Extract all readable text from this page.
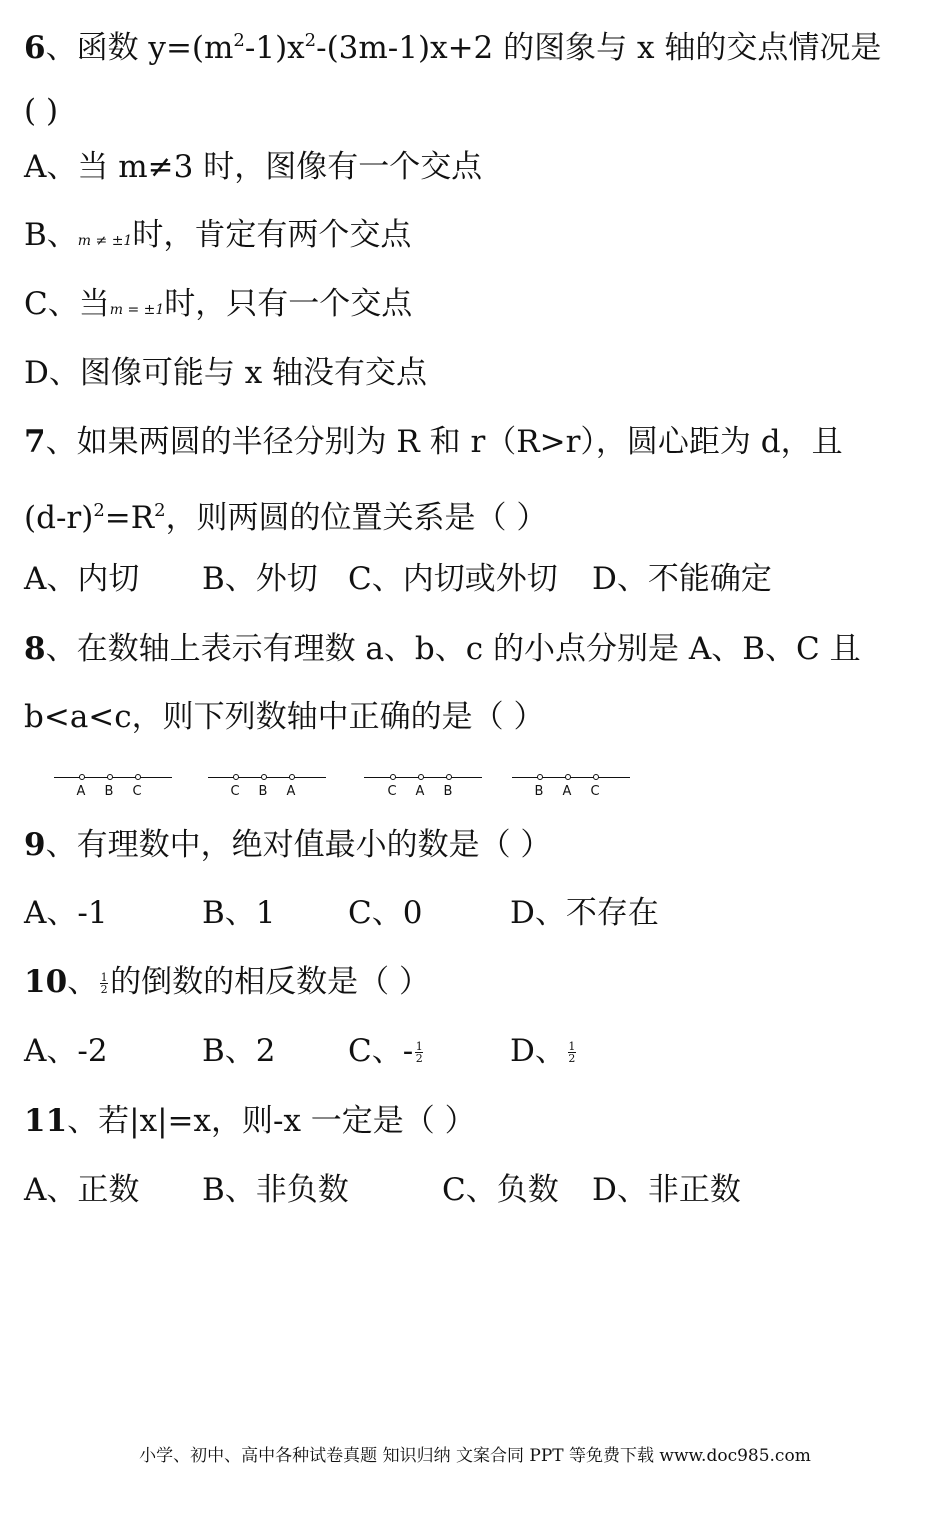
6、函数 $y=(m^2-1)x^2-(3m-1)x+2$ 的图象与 x 轴的交点情况是
( )
A、当 m≠3 时，图像有一个交点
B、m ≠ ±1时，肯定有两个交点
C、当m = ±1时，只有一个交点
D、图像可能与 x 轴没有交点
7、如果两圆的半径分别为 R 和 r（R>r），圆心距为 d，且
$(d-r)^2=R^2$，则两圆的位置关系是（ ）
A、内切 B、外切 C、内切或外切 D、不能确定
8、在数轴上表示有理数 a、b、c 的小点分别是 A、B、C 且
b<a<c，则下列数轴中正确的是（ ）
A B C	C B A	C A B	B A C
9、有理数中，绝对值最小的数是（ ）
A、-1	B、1 C、0	D、不存在
10、 $\frac{1}{2}$ 的倒数的相反数是（ ）
A、-2	B、2 C、- $\frac{1}{2}$	D、 $\frac{1}{2}$
11、若|x|=x，则-x 一定是（ ）
A、正数 B、非负数	C、负数 D、非正数
小学、初中、高中各种试卷真题 知识归纳 文案合同 PPT 等免费下载 www.doc985.com
